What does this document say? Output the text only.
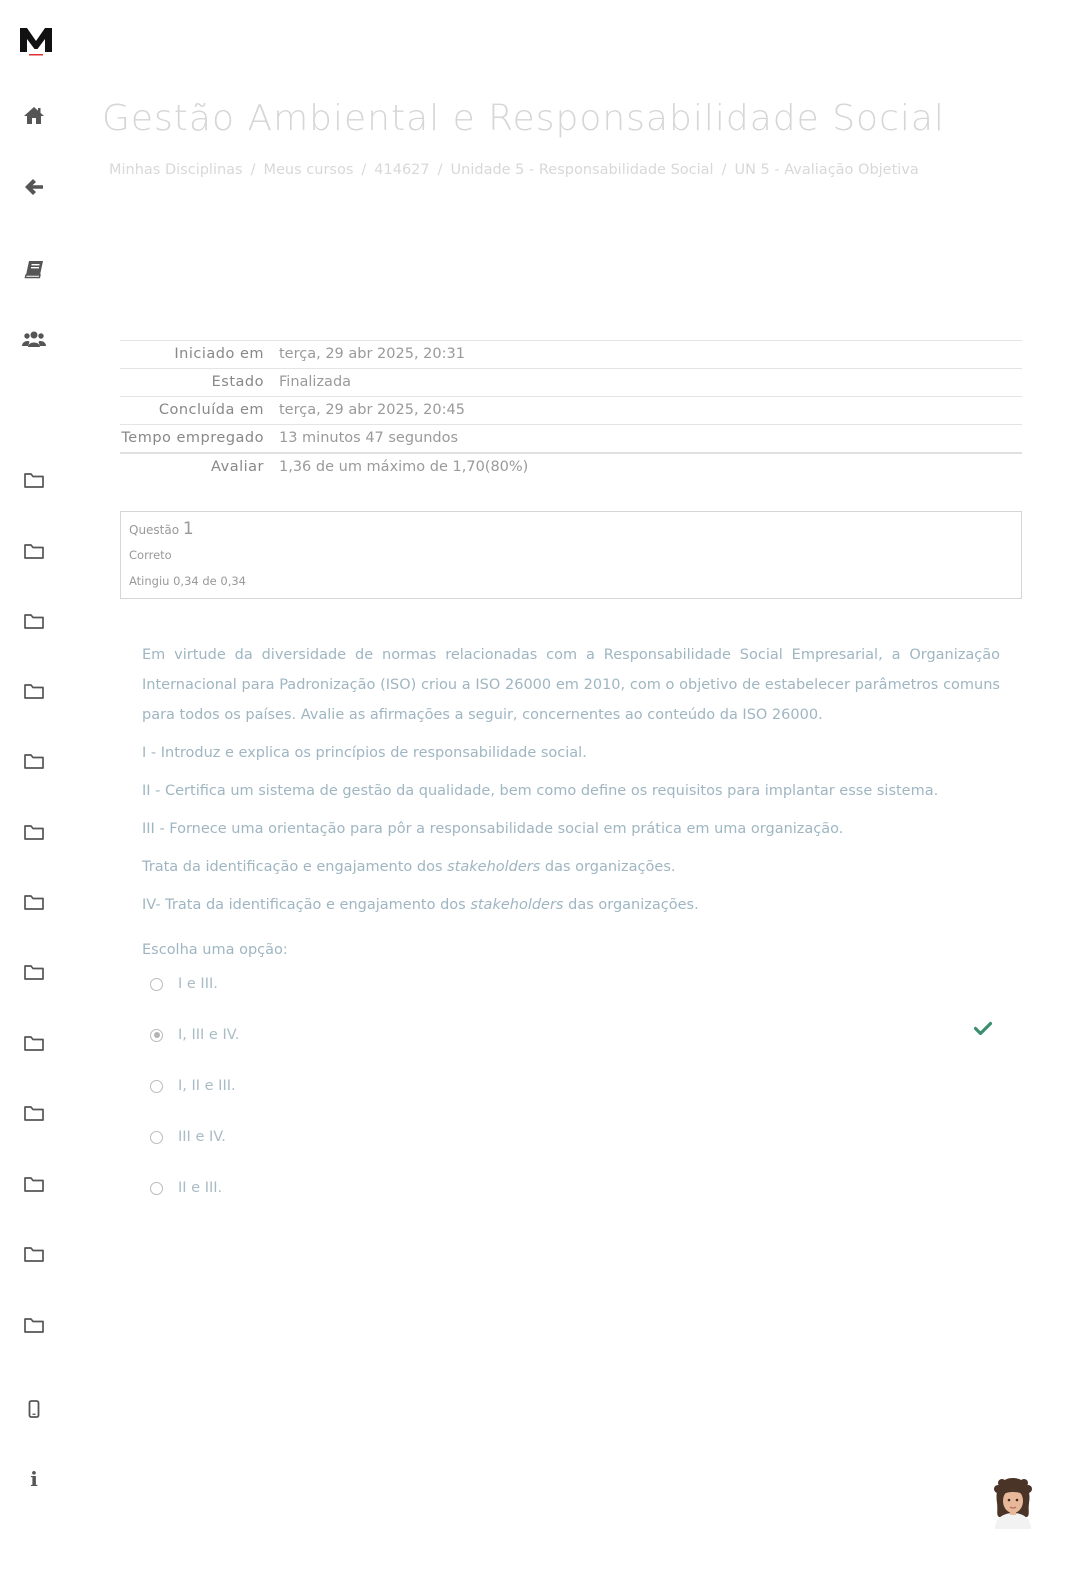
i
Gestão Ambiental e Responsabilidade Social
Minhas Disciplinas / Meus cursos / 414627 / Unidade 5 - Responsabilidade Social / UN 5 - Avaliação Objetiva
Iniciado em	terça, 29 abr 2025, 20:31
Estado	Finalizada
Concluída em	terça, 29 abr 2025, 20:45
Tempo empregado	13 minutos 47 segundos
Avaliar	1,36 de um máximo de 1,70(80%)
Questão 1
Correto
Atingiu 0,34 de 0,34

Em virtude da diversidade de normas relacionadas com a Responsabilidade Social Empresarial, a Organização Internacional para Padronização (ISO) criou a ISO 26000 em 2010, com o objetivo de estabelecer parâmetros comuns para todos os países. Avalie as afirmações a seguir, concernentes ao conteúdo da ISO 26000.

I - Introduz e explica os princípios de responsabilidade social.

II - Certifica um sistema de gestão da qualidade, bem como define os requisitos para implantar esse sistema.

III - Fornece uma orientação para pôr a responsabilidade social em prática em uma organização.

Trata da identificação e engajamento dos stakeholders das organizações.

IV- Trata da identificação e engajamento dos stakeholders das organizações.

Escolha uma opção:
I e III.
I, III e IV.
I, II e III.
III e IV.
II e III.
